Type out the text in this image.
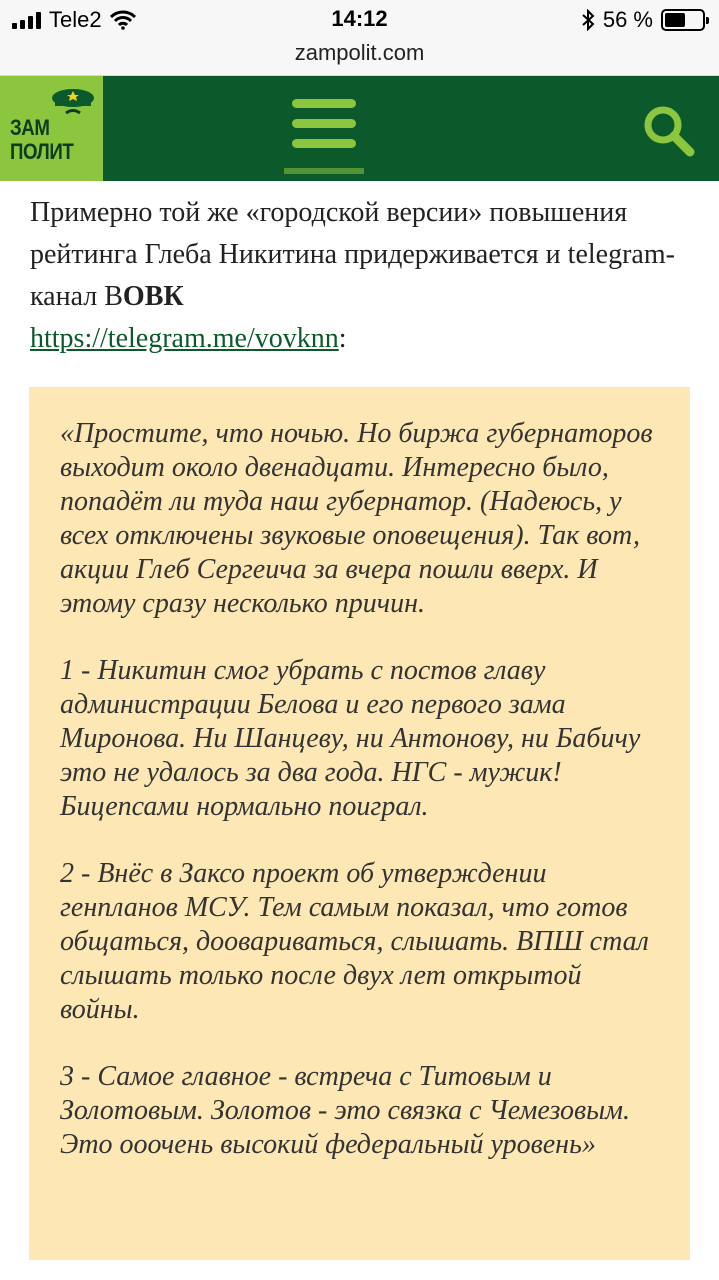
Tele2	14:12	56 %
zampolit.com
ЗАМ
ПОЛИТ

Примерно той же «городской версии» повышения рейтинга Глеба Никитина придерживается и telegram-канал ВОВК
https://telegram.me/vovknn:

«Простите, что ночью. Но биржа губернаторов выходит около двенадцати. Интересно было, попадёт ли туда наш губернатор. (Надеюсь, у всех отключены звуковые оповещения). Так вот, акции Глеб Сергеича за вчера пошли вверх. И этому сразу несколько причин.

1 - Никитин смог убрать с постов главу администрации Белова и его первого зама Миронова. Ни Шанцеву, ни Антонову, ни Бабичу это не удалось за два года. НГС - мужик! Бицепсами нормально поиграл.

2 - Внёс в Заксо проект об утверждении генпланов МСУ. Тем самым показал, что готов общаться, доовариваться, слышать. ВПШ стал слышать только после двух лет открытой войны.

3 - Самое главное - встреча с Титовым и Золотовым. Золотов - это связка с Чемезовым. Это ооочень высокий федеральный уровень»
